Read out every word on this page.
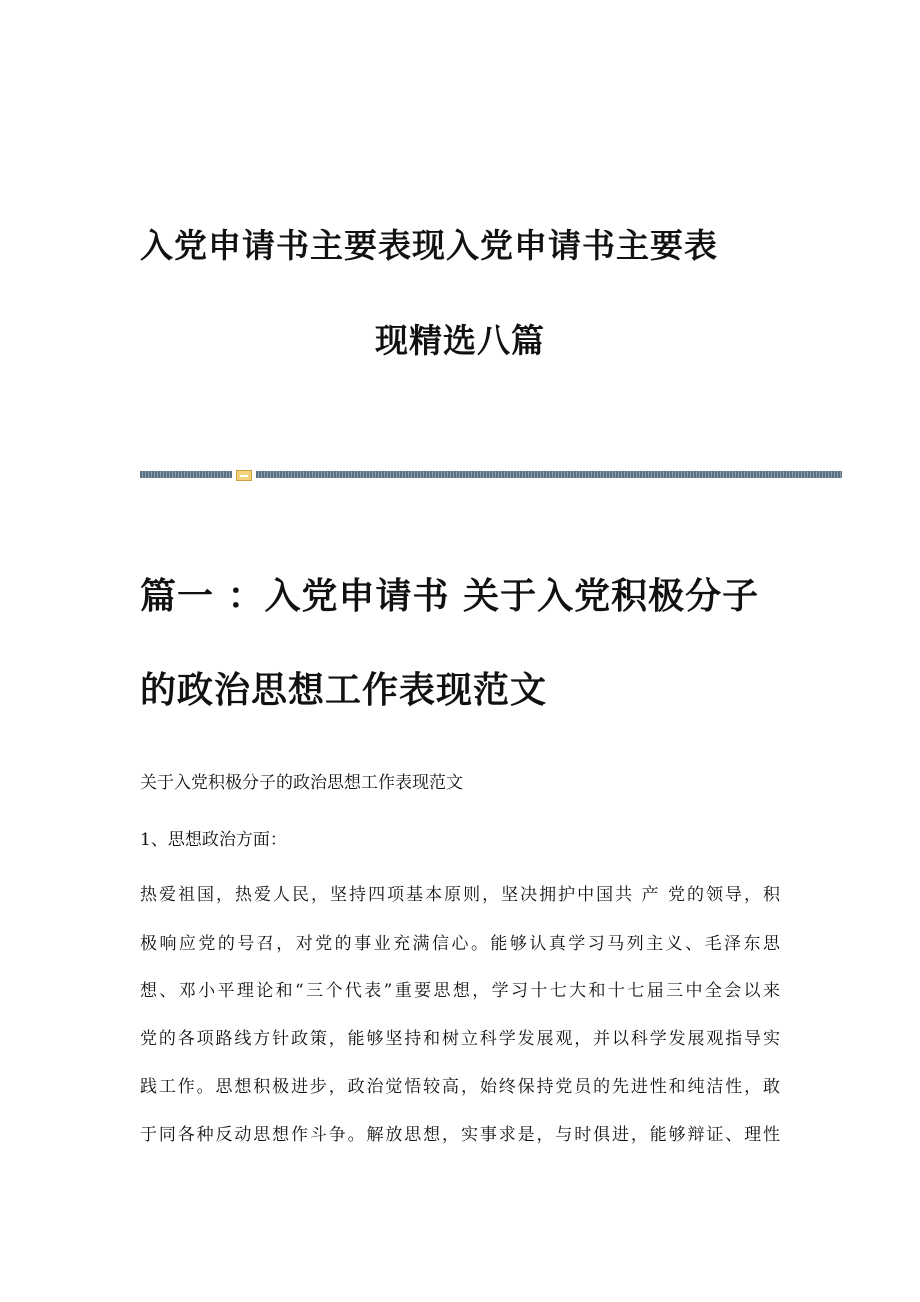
入党申请书主要表现入党申请书主要表
现精选八篇
篇一 ：入党申请书 关于入党积极分子
的政治思想工作表现范文
关于入党积极分子的政治思想工作表现范文
1、思想政治方面：
热爱祖国，热爱人民，坚持四项基本原则，坚决拥护中国共 产 党的领导，积
极响应党的号召，对党的事业充满信心。能够认真学习马列主义、毛泽东思
想、邓小平理论和“三个代表”重要思想，学习十七大和十七届三中全会以来
党的各项路线方针政策，能够坚持和树立科学发展观，并以科学发展观指导实
践工作。思想积极进步，政治觉悟较高，始终保持党员的先进性和纯洁性，敢
于同各种反动思想作斗争。解放思想，实事求是，与时俱进，能够辩证、理性
